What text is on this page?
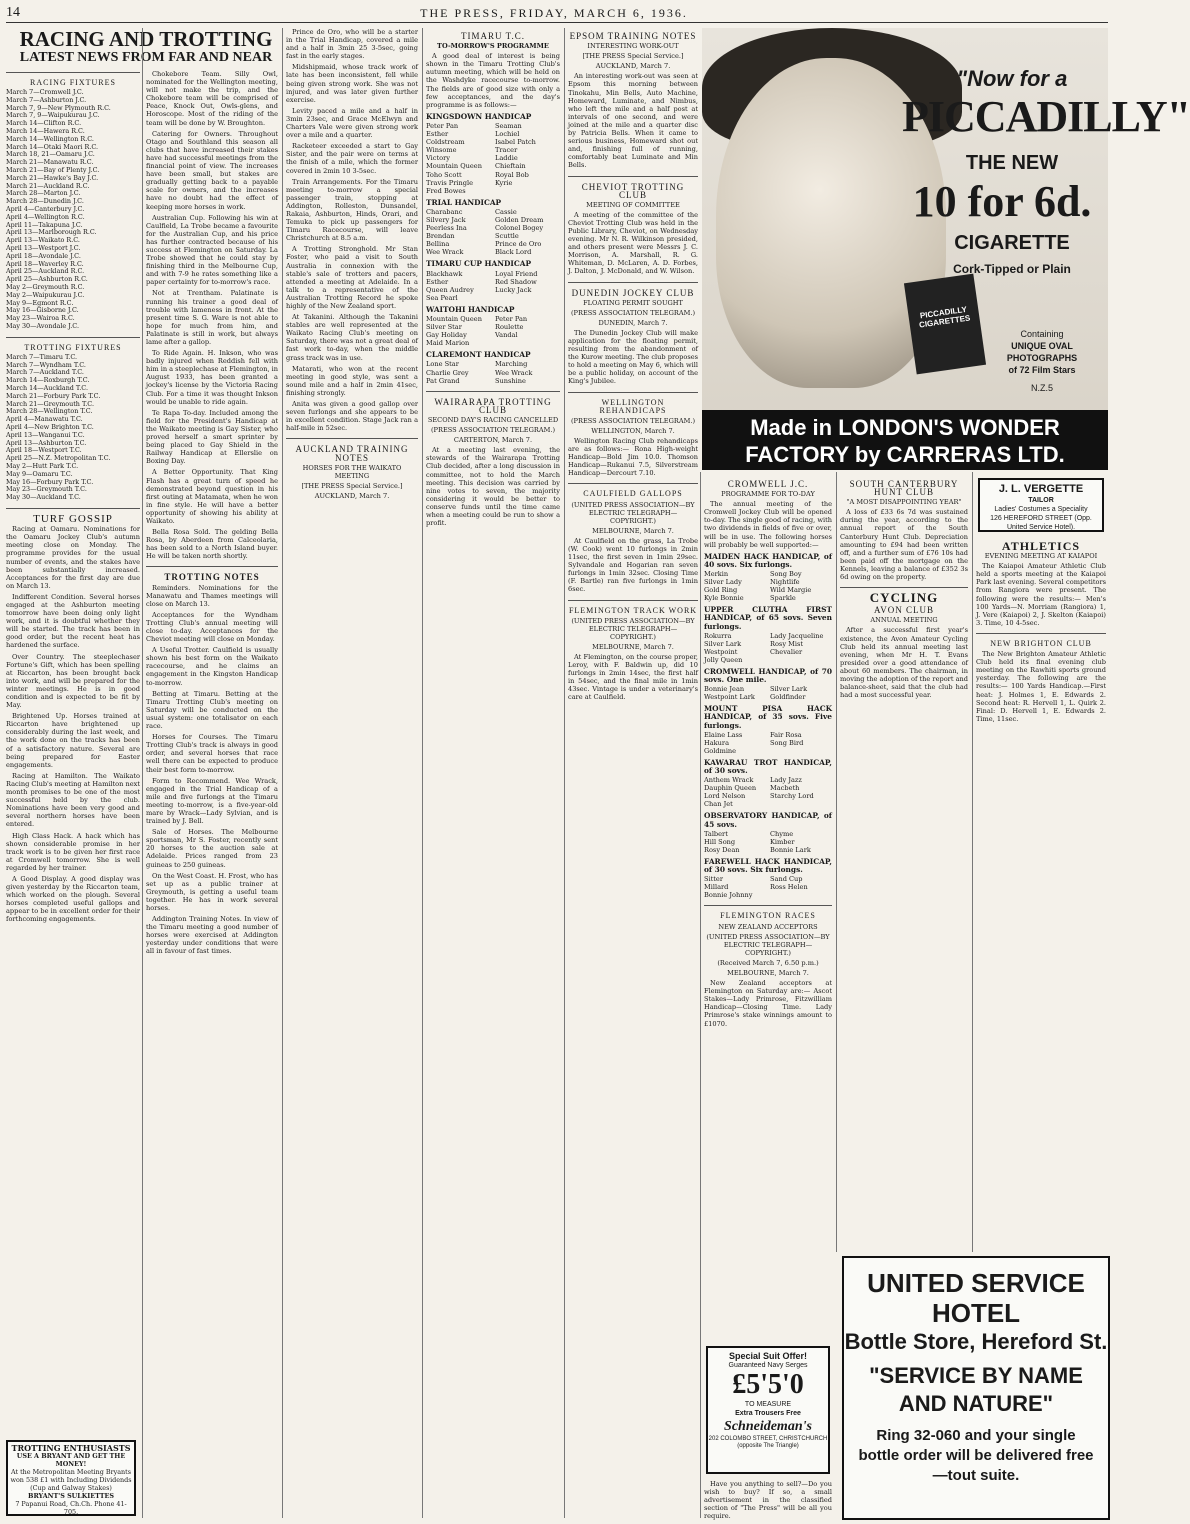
14	THE PRESS, FRIDAY, MARCH 6, 1936.
RACING AND TROTTING
LATEST NEWS FROM FAR AND NEAR
RACING FIXTURES
March 7—Cromwell J.C.
March 7—Ashburton J.C.
March 7, 9—New Plymouth R.C.
March 7, 9—Waipukurau J.C.
March 14—Clifton R.C.
March 14—Hawera R.C.
March 14—Wellington R.C.
March 14—Otaki Maori R.C.
March 18, 21—Oamaru J.C.
March 21—Manawatu R.C.
March 21—Bay of Plenty J.C.
March 21—Hawke's Bay J.C.
March 21—Auckland R.C.
March 28—Marton J.C.
March 28—Dunedin J.C.
April 4—Canterbury J.C.
April 4—Wellington R.C.
April 11—Takapuna J.C.
April 13—Marlborough R.C.
April 13—Waikato R.C.
April 13—Westport J.C.
April 18—Avondale J.C.
April 18—Waverley R.C.
April 25—Auckland R.C.
April 25—Ashburton R.C.
May 2—Greymouth R.C.
May 2—Waipukurau J.C.
May 9—Egmont R.C.
May 16—Gisborne J.C.
May 23—Wairoa R.C.
May 30—Avondale J.C.
TROTTING FIXTURES
March 7—Timaru T.C.
March 7—Wyndham T.C.
March 7—Auckland T.C.
March 14—Roxburgh T.C.
March 14—Auckland T.C.
March 21—Forbury Park T.C.
March 21—Greymouth T.C.
March 28—Wellington T.C.
April 4—Manawatu T.C.
April 4—New Brighton T.C.
April 13—Wanganui T.C.
April 13—Ashburton T.C.
April 18—Westport T.C.
April 25—N.Z. Metropolitan T.C.
May 2—Hutt Park T.C.
May 9—Oamaru T.C.
May 16—Forbury Park T.C.
May 23—Greymouth T.C.
May 30—Auckland T.C.
TURF GOSSIP

Racing at Oamaru. Nominations for the Oamaru Jockey Club's autumn meeting close on Monday. The programme provides for the usual number of events, and the stakes have been substantially increased. Acceptances for the first day are due on March 13.

Indifferent Condition. Several horses engaged at the Ashburton meeting tomorrow have been doing only light work, and it is doubtful whether they will be started. The track has been in good order, but the recent heat has hardened the surface.

Over Country. The steeplechaser Fortune's Gift, which has been spelling at Riccarton, has been brought back into work, and will be prepared for the winter meetings. He is in good condition and is expected to be fit by May.

Brightened Up. Horses trained at Riccarton have brightened up considerably during the last week, and the work done on the tracks has been of a satisfactory nature. Several are being prepared for Easter engagements.

Racing at Hamilton. The Waikato Racing Club's meeting at Hamilton next month promises to be one of the most successful held by the club. Nominations have been very good and several northern horses have been entered.

High Class Hack. A hack which has shown considerable promise in her track work is to be given her first race at Cromwell tomorrow. She is well regarded by her trainer.

A Good Display. A good display was given yesterday by the Riccarton team, which worked on the plough. Several horses completed useful gallops and appear to be in excellent order for their forthcoming engagements.

TROTTING ENTHUSIASTS
USE A BRYANT AND GET THE MONEY!
At the Metropolitan Meeting Bryants won 538 £1 with Including Dividends (Cup and Galway Stakes)
BRYANT'S SULKIETTES
7 Papanui Road, Ch.Ch. Phone 41-705.

Chokebore Team. Silly Owl, nominated for the Wellington meeting, will not make the trip, and the Chokebore team will be comprised of Peace, Knock Out, Owls-glens, and Horoscope. Most of the riding of the team will be done by W. Broughton.

Catering for Owners. Throughout Otago and Southland this season all clubs that have increased their stakes have had successful meetings from the financial point of view. The increases have been small, but stakes are gradually getting back to a payable scale for owners, and the increases have no doubt had the effect of keeping more horses in work.

Australian Cup. Following his win at Caulfield, La Trobe became a favourite for the Australian Cup, and his price has further contracted because of his success at Flemington on Saturday. La Trobe showed that he could stay by finishing third in the Melbourne Cup, and with 7-9 he rates something like a paper certainty for to-morrow's race.

Not at Trentham. Palatinate is running his trainer a good deal of trouble with lameness in front. At the present time S. G. Ware is not able to hope for much from him, and Palatinate is still in work, but always lame after a gallop.

To Ride Again. H. Inkson, who was badly injured when Reddish fell with him in a steeplechase at Flemington, in August 1933, has been granted a jockey's license by the Victoria Racing Club. For a time it was thought Inkson would be unable to ride again.

Te Rapa To-day. Included among the field for the President's Handicap at the Waikato meeting is Gay Sister, who proved herself a smart sprinter by being placed to Gay Shield in the Railway Handicap at Ellerslie on Boxing Day.

A Better Opportunity. That King Flash has a great turn of speed he demonstrated beyond question in his first outing at Matamata, when he won in fine style. He will have a better opportunity of showing his ability at Waikato.

Bella Rosa Sold. The gelding Bella Rosa, by Aberdeen from Calceolaria, has been sold to a North Island buyer. He will be taken north shortly.

TROTTING NOTES

Reminders. Nominations for the Manawatu and Thames meetings will close on March 13.

Acceptances for the Wyndham Trotting Club's annual meeting will close to-day. Acceptances for the Cheviot meeting will close on Monday.

A Useful Trotter. Caulfield is usually shown his best form on the Waikato racecourse, and he claims an engagement in the Kingston Handicap to-morrow.

Betting at Timaru. Betting at the Timaru Trotting Club's meeting on Saturday will be conducted on the usual system: one totalisator on each race.

Horses for Courses. The Timaru Trotting Club's track is always in good order, and several horses that race well there can be expected to produce their best form to-morrow.

Form to Recommend. Wee Wrack, engaged in the Trial Handicap of a mile and five furlongs at the Timaru meeting to-morrow, is a five-year-old mare by Wrack—Lady Sylvian, and is trained by J. Bell.

Sale of Horses. The Melbourne sportsman, Mr S. Foster, recently sent 20 horses to the auction sale at Adelaide. Prices ranged from 23 guineas to 250 guineas.

On the West Coast. H. Frost, who has set up as a public trainer at Greymouth, is getting a useful team together. He has in work several horses.

Addington Training Notes. In view of the Timaru meeting a good number of horses were exercised at Addington yesterday under conditions that were all in favour of fast times.

Prince de Oro, who will be a starter in the Trial Handicap, covered a mile and a half in 3min 25 3-5sec, going fast in the early stages.

Midshipmaid, whose track work of late has been inconsistent, fell while being given strong work. She was not injured, and was later given further exercise.

Levity paced a mile and a half in 3min 23sec, and Grace McElwyn and Charters Vale were given strong work over a mile and a quarter.

Racketeer exceeded a start to Gay Sister, and the pair were on terms at the finish of a mile, which the former covered in 2min 10 3-5sec.

Train Arrangements. For the Timaru meeting to-morrow a special passenger train, stopping at Addington, Rolleston, Dunsandel, Rakaia, Ashburton, Hinds, Orari, and Temuka to pick up passengers for Timaru Racecourse, will leave Christchurch at 8.5 a.m.

A Trotting Stronghold. Mr Stan Foster, who paid a visit to South Australia in connexion with the stable's sale of trotters and pacers, attended a meeting at Adelaide. In a talk to a representative of the Australian Trotting Record he spoke highly of the New Zealand sport.

At Takanini. Although the Takanini stables are well represented at the Waikato Racing Club's meeting on Saturday, there was not a great deal of fast work to-day, when the middle grass track was in use.

Matarati, who won at the recent meeting in good style, was sent a sound mile and a half in 2min 41sec, finishing strongly.

Anita was given a good gallop over seven furlongs and she appears to be in excellent condition. Stage Jack ran a half-mile in 52sec.

AUCKLAND TRAINING NOTES
HORSES FOR THE WAIKATO MEETING
[THE PRESS Special Service.]
AUCKLAND, March 7.
TIMARU T.C.
TO-MORROW'S PROGRAMME

A good deal of interest is being shown in the Timaru Trotting Club's autumn meeting, which will be held on the Washdyke racecourse to-morrow. The fields are of good size with only a few acceptances, and the day's programme is as follows:—

KINGSDOWN HANDICAP
Peter Pan	Seaman
Esther	Lochiel
Coldstream	Isabel Patch
Winsome	Tracer
Victory	Laddie
Mountain Queen	Chieftain
Toho Scott	Royal Bob
Travis Pringle	Kyrie
Fred Bowes
TRIAL HANDICAP
Charabanc	Cassie
Silvery Jack	Golden Dream
Peerless Ina	Colonel Bogey
Brendan	Scuttle
Bellina	Prince de Oro
Wee Wrack	Black Lord
TIMARU CUP HANDICAP
Blackhawk	Loyal Friend
Esther	Red Shadow
Queen Audrey	Lucky Jack
Sea Pearl
WAITOHI HANDICAP
Mountain Queen	Peter Pan
Silver Star	Roulette
Gay Holiday	Vandal
Maid Marion
CLAREMONT HANDICAP
Lone Star	Marching
Charlie Grey	Wee Wrack
Pat Grand	Sunshine
WAIRARAPA TROTTING CLUB
SECOND DAY'S RACING CANCELLED
(PRESS ASSOCIATION TELEGRAM.)
CARTERTON, March 7.

At a meeting last evening, the stewards of the Wairarapa Trotting Club decided, after a long discussion in committee, not to hold the March meeting. This decision was carried by nine votes to seven, the majority considering it would be better to conserve funds until the time came when a meeting could be run to show a profit.

EPSOM TRAINING NOTES
INTERESTING WORK-OUT
[THE PRESS Special Service.]
AUCKLAND, March 7.

An interesting work-out was seen at Epsom this morning between Tinokahu, Min Bells, Auto Machine, Homeward, Luminate, and Nimbus, who left the mile and a half post at intervals of one second, and were joined at the mile and a quarter disc by Patricia Bells. When it came to serious business, Homeward shot out and, finishing full of running, comfortably beat Luminate and Min Bells.

CHEVIOT TROTTING CLUB
MEETING OF COMMITTEE

A meeting of the committee of the Cheviot Trotting Club was held in the Public Library, Cheviot, on Wednesday evening. Mr N. R. Wilkinson presided, and others present were Messrs J. C. Morrison, A. Marshall, R. G. Whiteman, D. McLaren, A. D. Forbes, J. Dalton, J. McDonald, and W. Wilson.

DUNEDIN JOCKEY CLUB
FLOATING PERMIT SOUGHT
(PRESS ASSOCIATION TELEGRAM.)
DUNEDIN, March 7.

The Dunedin Jockey Club will make application for the floating permit, resulting from the abandonment of the Kurow meeting. The club proposes to hold a meeting on May 6, which will be a public holiday, on account of the King's Jubilee.

WELLINGTON REHANDICAPS
(PRESS ASSOCIATION TELEGRAM.)
WELLINGTON, March 7.

Wellington Racing Club rehandicaps are as follows:— Rona High-weight Handicap—Bold Jim 10.0. Thomson Handicap—Rukanui 7.5, Silverstream Handicap—Dercourt 7.10.

CAULFIELD GALLOPS
(UNITED PRESS ASSOCIATION—BY ELECTRIC TELEGRAPH—COPYRIGHT.)
MELBOURNE, March 7.

At Caulfield on the grass, La Trobe (W. Cook) went 10 furlongs in 2min 11sec, the first seven in 1min 29sec. Sylvandale and Hogarian ran seven furlongs in 1min 32sec. Closing Time (F. Bartle) ran five furlongs in 1min 6sec.

FLEMINGTON TRACK WORK
(UNITED PRESS ASSOCIATION—BY ELECTRIC TELEGRAPH—COPYRIGHT.)
MELBOURNE, March 7.

At Flemington, on the course proper, Leroy, with F. Baldwin up, did 10 furlongs in 2min 14sec, the first half in 54sec, and the final mile in 1min 43sec. Vintage is under a veterinary's care at Caulfield.

PICCADILLY CIGARETTES
"Now for a
PICCADILLY"
THE NEW
10 for 6d.
CIGARETTE
Cork-Tipped or Plain
Containing
UNIQUE OVAL
PHOTOGRAPHS
of 72 Film Stars
N.Z.5
Made in LONDON'S WONDER
FACTORY by CARRERAS LTD.
CROMWELL J.C.
PROGRAMME FOR TO-DAY

The annual meeting of the Cromwell Jockey Club will be opened to-day. The single good of racing, with two dividends in fields of five or over, will be in use. The following horses will probably be well supported:—

MAIDEN HACK HANDICAP, of 40 sovs. Six furlongs.
Merkin	Song Boy
Silver Lady	Nightlife
Gold Ring	Wild Margie
Kyle Bonnie	Sparkle
UPPER CLUTHA FIRST HANDICAP, of 65 sovs. Seven furlongs.
Rokurra	Lady Jacqueline
Silver Lark	Rosy Mist
Westpoint	Chevalier
Jolly Queen
CROMWELL HANDICAP, of 70 sovs. One mile.
Bonnie Jean	Silver Lark
Westpoint Lark	Goldfinder
MOUNT PISA HACK HANDICAP, of 35 sovs. Five furlongs.
Elaine Lass	Fair Rosa
Hakura	Song Bird
Goldmine
KAWARAU TROT HANDICAP, of 30 sovs.
Anthem Wrack	Lady Jazz
Dauphin Queen	Macbeth
Lord Nelson	Starchy Lord
Chan Jet
OBSERVATORY HANDICAP, of 45 sovs.
Talbert	Chyme
Hill Song	Kimber
Rosy Dean	Bonnie Lark
FAREWELL HACK HANDICAP, of 30 sovs. Six furlongs.
Sitter	Sand Cup
Millard	Ross Helen
Bonnie Johnny
FLEMINGTON RACES
NEW ZEALAND ACCEPTORS
(UNITED PRESS ASSOCIATION—BY ELECTRIC TELEGRAPH—COPYRIGHT.)
(Received March 7, 6.50 p.m.)
MELBOURNE, March 7.

New Zealand acceptors at Flemington on Saturday are:— Ascot Stakes—Lady Primrose, Fitzwilliam Handicap—Closing Time. Lady Primrose's stake winnings amount to £1070.

Special Suit Offer!
Guaranteed Navy Serges
£5'5'0
TO MEASURE
Extra Trousers Free
Schneideman's
202 COLOMBO STREET, CHRISTCHURCH (opposite The Triangle)

Have you anything to sell?—Do you wish to buy? If so, a small advertisement in the classified section of "The Press" will be all you require.

SOUTH CANTERBURY HUNT CLUB
"A MOST DISAPPOINTING YEAR"

A loss of £33 6s 7d was sustained during the year, according to the annual report of the South Canterbury Hunt Club. Depreciation amounting to £94 had been written off, and a further sum of £76 10s had been paid off the mortgage on the Kennels, leaving a balance of £352 3s 6d owing on the property.

CYCLING
AVON CLUB
ANNUAL MEETING

After a successful first year's existence, the Avon Amateur Cycling Club held its annual meeting last evening, when Mr H. T. Evans presided over a good attendance of about 60 members. The chairman, in moving the adoption of the report and balance-sheet, said that the club had had a most successful year.

J. L. VERGETTE
TAILOR
Ladies' Costumes a Speciality
126 HEREFORD STREET (Opp. United Service Hotel).
ATHLETICS
EVENING MEETING AT KAIAPOI

The Kaiapoi Amateur Athletic Club held a sports meeting at the Kaiapoi Park last evening. Several competitors from Rangiora were present. The following were the results:— Men's 100 Yards—N. Morriam (Rangiora) 1, J. Vere (Kaiapoi) 2, J. Skelton (Kaiapoi) 3. Time, 10 4-5sec.

NEW BRIGHTON CLUB

The New Brighton Amateur Athletic Club held its final evening club meeting on the Rawhiti sports ground yesterday. The following are the results:— 100 Yards Handicap.—First heat: J. Holmes 1, E. Edwards 2. Second heat: R. Hervell 1, L. Quirk 2. Final: D. Hervell 1, E. Edwards 2. Time, 11sec.

UNITED SERVICE HOTEL
Bottle Store, Hereford St.
"SERVICE BY NAME
AND NATURE"
Ring 32-060 and your single bottle order will be delivered free—tout suite.
